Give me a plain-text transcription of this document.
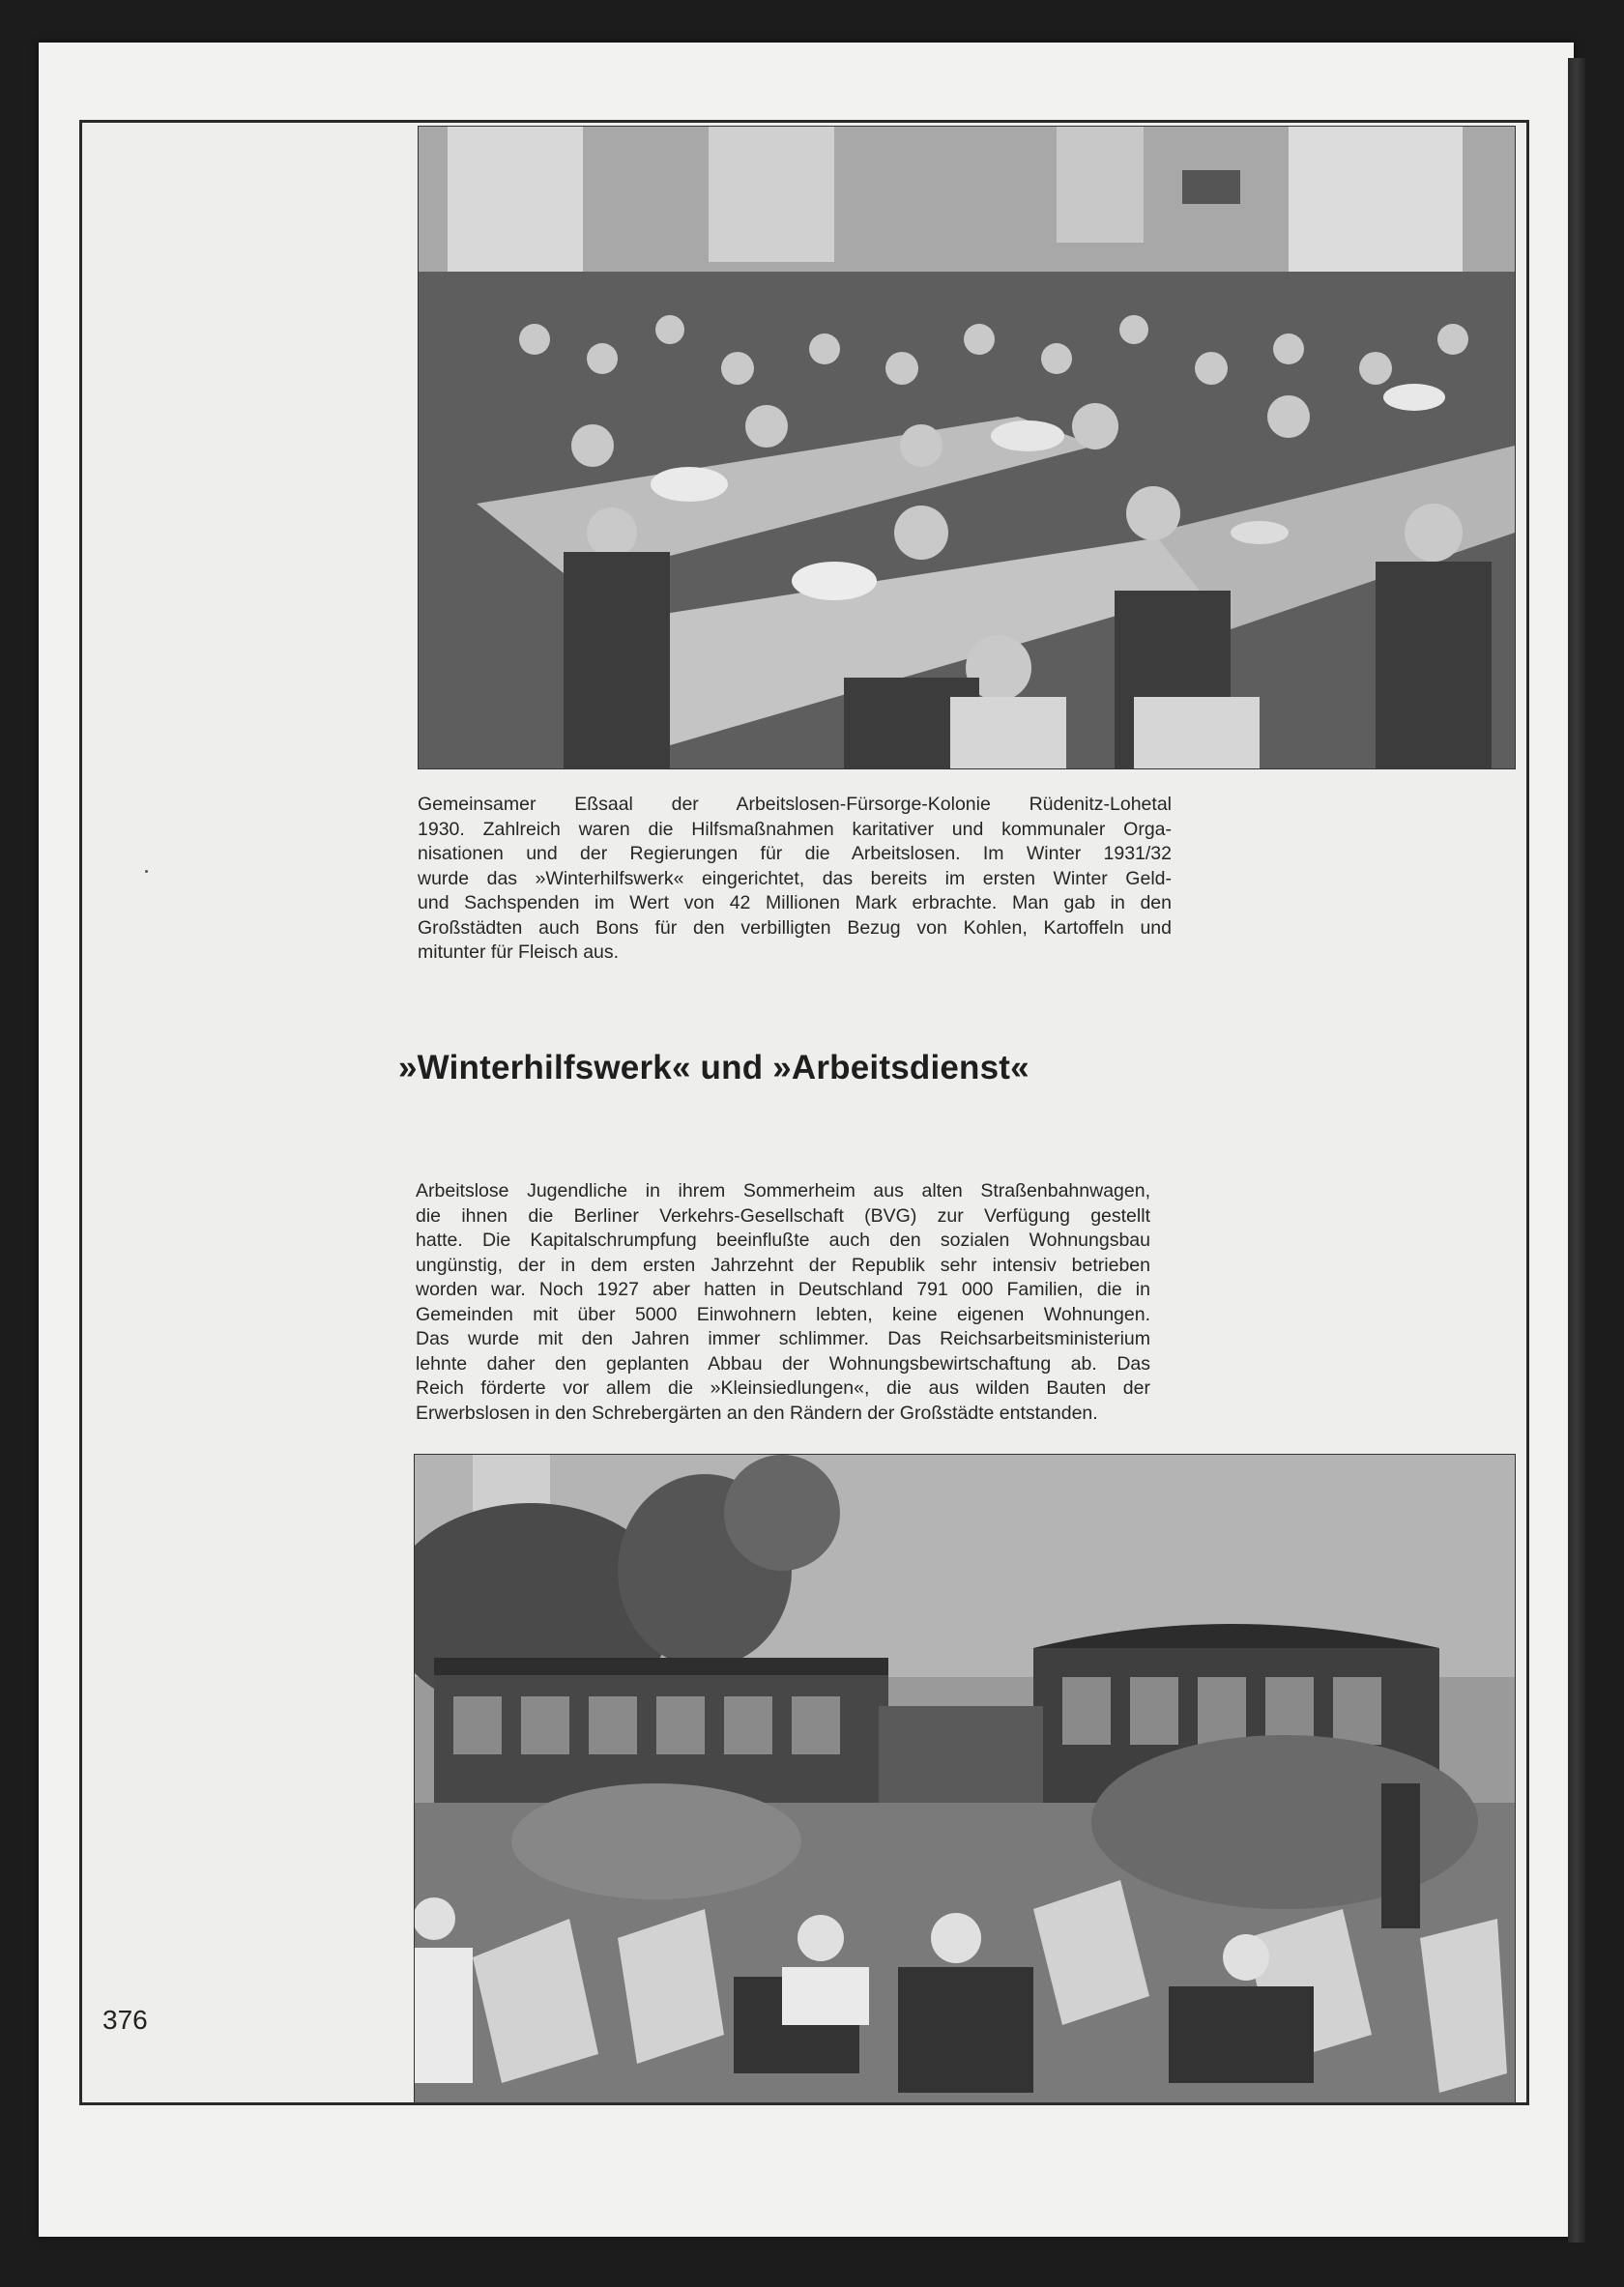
Gemeinsamer Eßsaal der Arbeitslosen-Fürsorge-Kolonie Rüdenitz-Lohetal
1930. Zahlreich waren die Hilfsmaßnahmen karitativer und kommunaler Orga-
nisationen und der Regierungen für die Arbeitslosen. Im Winter 1931/32
wurde das »Winterhilfswerk« eingerichtet, das bereits im ersten Winter Geld-
und Sachspenden im Wert von 42 Millionen Mark erbrachte. Man gab in den
Großstädten auch Bons für den verbilligten Bezug von Kohlen, Kartoffeln und
mitunter für Fleisch aus.

»Winterhilfswerk« und »Arbeitsdienst«

Arbeitslose Jugendliche in ihrem Sommerheim aus alten Straßenbahnwagen,
die ihnen die Berliner Verkehrs-Gesellschaft (BVG) zur Verfügung gestellt
hatte. Die Kapitalschrumpfung beeinflußte auch den sozialen Wohnungsbau
ungünstig, der in dem ersten Jahrzehnt der Republik sehr intensiv betrieben
worden war. Noch 1927 aber hatten in Deutschland 791 000 Familien, die in
Gemeinden mit über 5000 Einwohnern lebten, keine eigenen Wohnungen.
Das wurde mit den Jahren immer schlimmer. Das Reichsarbeitsministerium
lehnte daher den geplanten Abbau der Wohnungsbewirtschaftung ab. Das
Reich förderte vor allem die »Kleinsiedlungen«, die aus wilden Bauten der
Erwerbslosen in den Schrebergärten an den Rändern der Großstädte entstanden.

376
